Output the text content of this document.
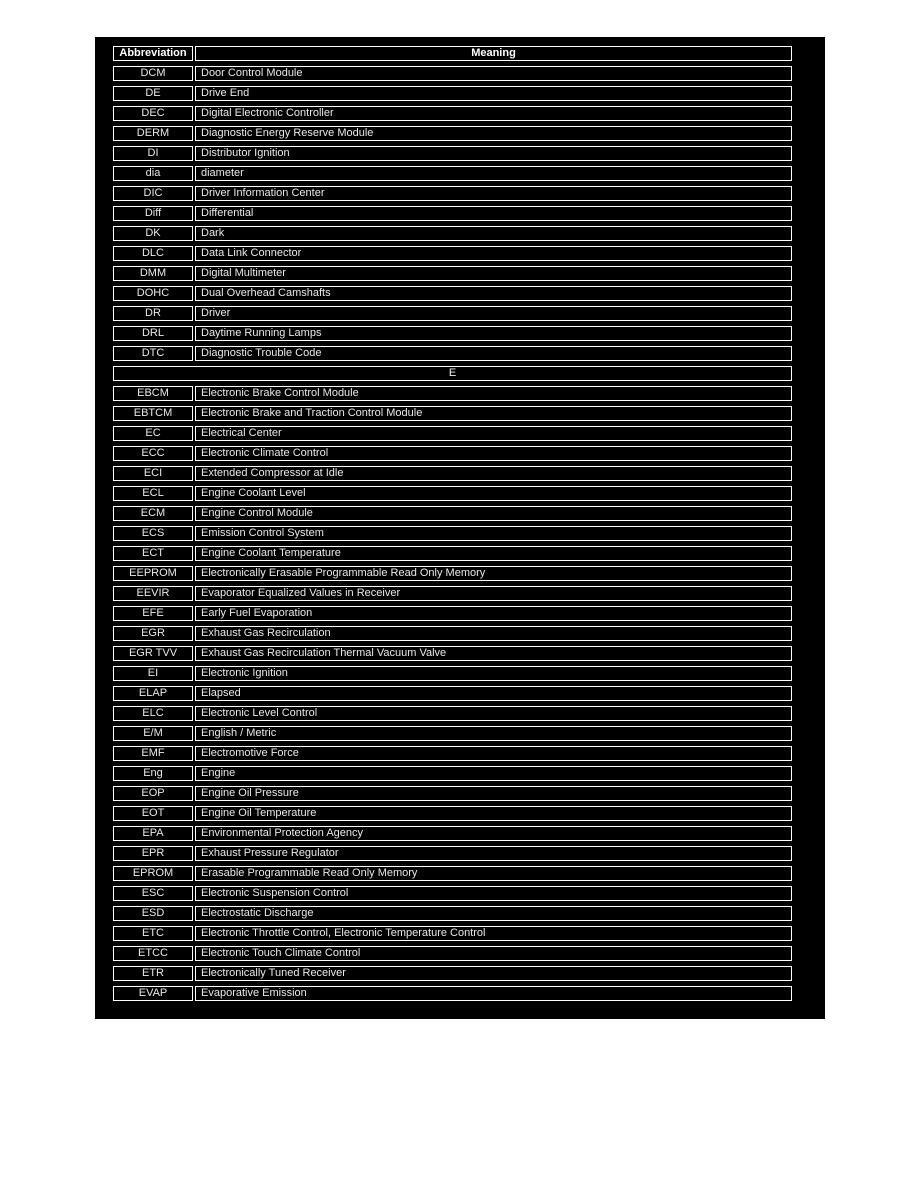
Abbreviation	Meaning
DCM	Door Control Module
DE	Drive End
DEC	Digital Electronic Controller
DERM	Diagnostic Energy Reserve Module
DI	Distributor Ignition
dia	diameter
DIC	Driver Information Center
Diff	Differential
DK	Dark
DLC	Data Link Connector
DMM	Digital Multimeter
DOHC	Dual Overhead Camshafts
DR	Driver
DRL	Daytime Running Lamps
DTC	Diagnostic Trouble Code
E
EBCM	Electronic Brake Control Module
EBTCM	Electronic Brake and Traction Control Module
EC	Electrical Center
ECC	Electronic Climate Control
ECI	Extended Compressor at Idle
ECL	Engine Coolant Level
ECM	Engine Control Module
ECS	Emission Control System
ECT	Engine Coolant Temperature
EEPROM	Electronically Erasable Programmable Read Only Memory
EEVIR	Evaporator Equalized Values in Receiver
EFE	Early Fuel Evaporation
EGR	Exhaust Gas Recirculation
EGR TVV	Exhaust Gas Recirculation Thermal Vacuum Valve
EI	Electronic Ignition
ELAP	Elapsed
ELC	Electronic Level Control
E/M	English / Metric
EMF	Electromotive Force
Eng	Engine
EOP	Engine Oil Pressure
EOT	Engine Oil Temperature
EPA	Environmental Protection Agency
EPR	Exhaust Pressure Regulator
EPROM	Erasable Programmable Read Only Memory
ESC	Electronic Suspension Control
ESD	Electrostatic Discharge
ETC	Electronic Throttle Control, Electronic Temperature Control
ETCC	Electronic Touch Climate Control
ETR	Electronically Tuned Receiver
EVAP	Evaporative Emission
